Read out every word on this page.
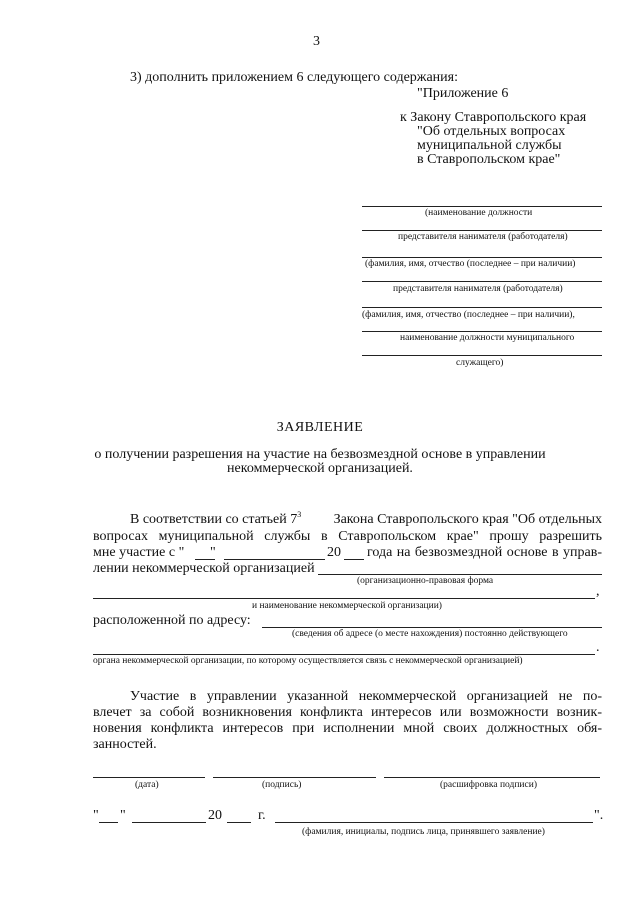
3
3) дополнить приложением 6 следующего содержания:
"Приложение 6
к Закону Ставропольского края
"Об отдельных вопросах
муниципальной службы
в Ставропольском крае"
(наименование должности
представителя нанимателя (работодателя)
(фамилия, имя, отчество (последнее – при наличии)
представителя нанимателя (работодателя)
(фамилия, имя, отчество (последнее – при наличии),
наименование должности муниципального
служащего)
ЗАЯВЛЕНИЕ
о получении разрешения на участие на безвозмездной основе в управлении
некоммерческой организацией.
В соответствии со статьей $7^3$ Закона Ставропольского края "Об отдельных
вопросах муниципальной службы в Ставропольском крае" прошу разрешить
мне участие с " "	20 года на безвозмездной основе в управ-
лении некоммерческой организацией
(организационно-правовая форма
,
и наименование некоммерческой организации)
расположенной по адресу:
(сведения об адресе (о месте нахождения) постоянно действующего
.
органа некоммерческой организации, по которому осуществляется связь с некоммерческой организацией)
Участие в управлении указанной некоммерческой организацией не по-
влечет за собой возникновения конфликта интересов или возможности возник-
новения конфликта интересов при исполнении мной своих должностных обя-
занностей.
(дата)	(подпись)	(расшифровка подписи)
" "	20	г.	".
(фамилия, инициалы, подпись лица, принявшего заявление)
